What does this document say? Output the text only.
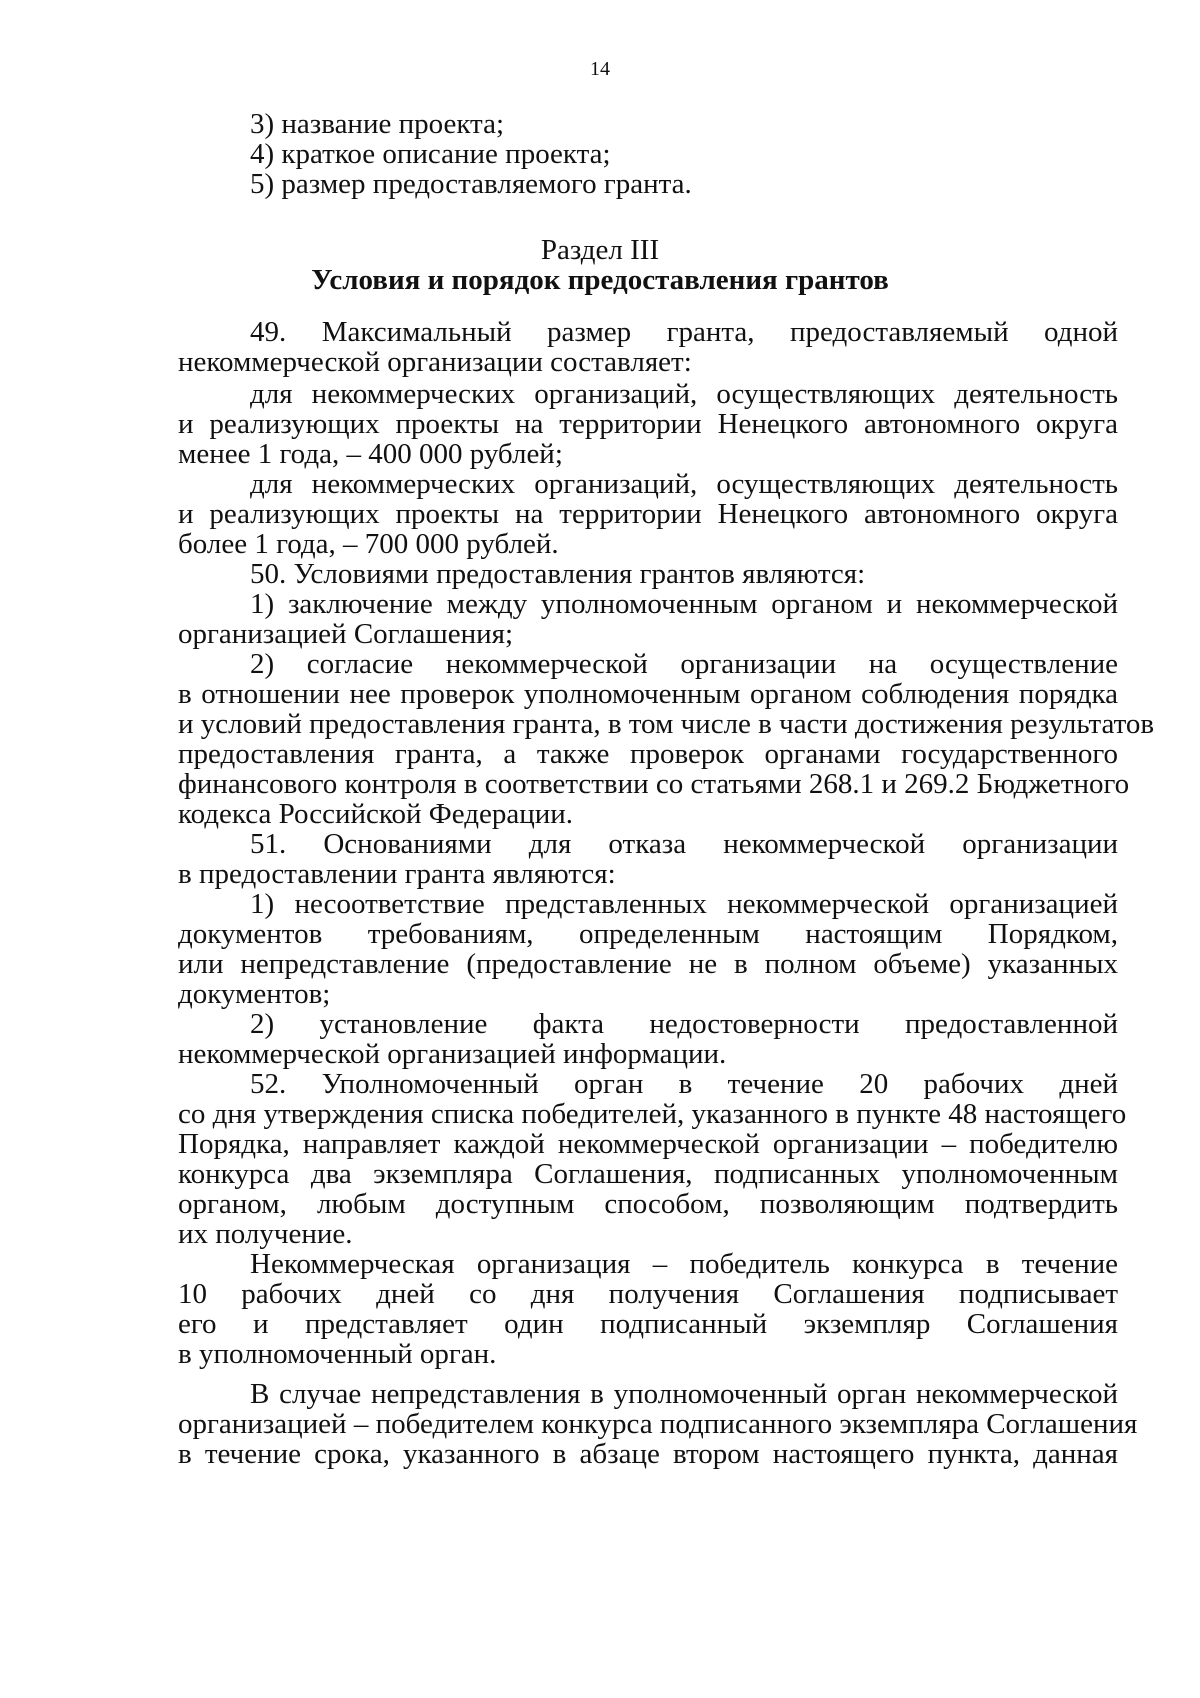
14
3) название проекта;
4) краткое описание проекта;
5) размер предоставляемого гранта.
Раздел III
Условия и порядок предоставления грантов
49. Максимальный размер гранта, предоставляемый одной
некоммерческой организации составляет:
для некоммерческих организаций, осуществляющих деятельность
и реализующих проекты на территории Ненецкого автономного округа
менее 1 года, – 400 000 рублей;
для некоммерческих организаций, осуществляющих деятельность
и реализующих проекты на территории Ненецкого автономного округа
более 1 года, – 700 000 рублей.
50. Условиями предоставления грантов являются:
1) заключение между уполномоченным органом и некоммерческой
организацией Соглашения;
2) согласие некоммерческой организации на осуществление
в отношении нее проверок уполномоченным органом соблюдения порядка
и условий предоставления гранта, в том числе в части достижения результатов
предоставления гранта, а также проверок органами государственного
финансового контроля в соответствии со статьями 268.1 и 269.2 Бюджетного
кодекса Российской Федерации.
51. Основаниями для отказа некоммерческой организации
в предоставлении гранта являются:
1) несоответствие представленных некоммерческой организацией
документов требованиям, определенным настоящим Порядком,
или непредставление (предоставление не в полном объеме) указанных
документов;
2) установление факта недостоверности предоставленной
некоммерческой организацией информации.
52. Уполномоченный орган в течение 20 рабочих дней
со дня утверждения списка победителей, указанного в пункте 48 настоящего
Порядка, направляет каждой некоммерческой организации – победителю
конкурса два экземпляра Соглашения, подписанных уполномоченным
органом, любым доступным способом, позволяющим подтвердить
их получение.
Некоммерческая организация – победитель конкурса в течение
10 рабочих дней со дня получения Соглашения подписывает
его и представляет один подписанный экземпляр Соглашения
в уполномоченный орган.
В случае непредставления в уполномоченный орган некоммерческой
организацией – победителем конкурса подписанного экземпляра Соглашения
в течение срока, указанного в абзаце втором настоящего пункта, данная
